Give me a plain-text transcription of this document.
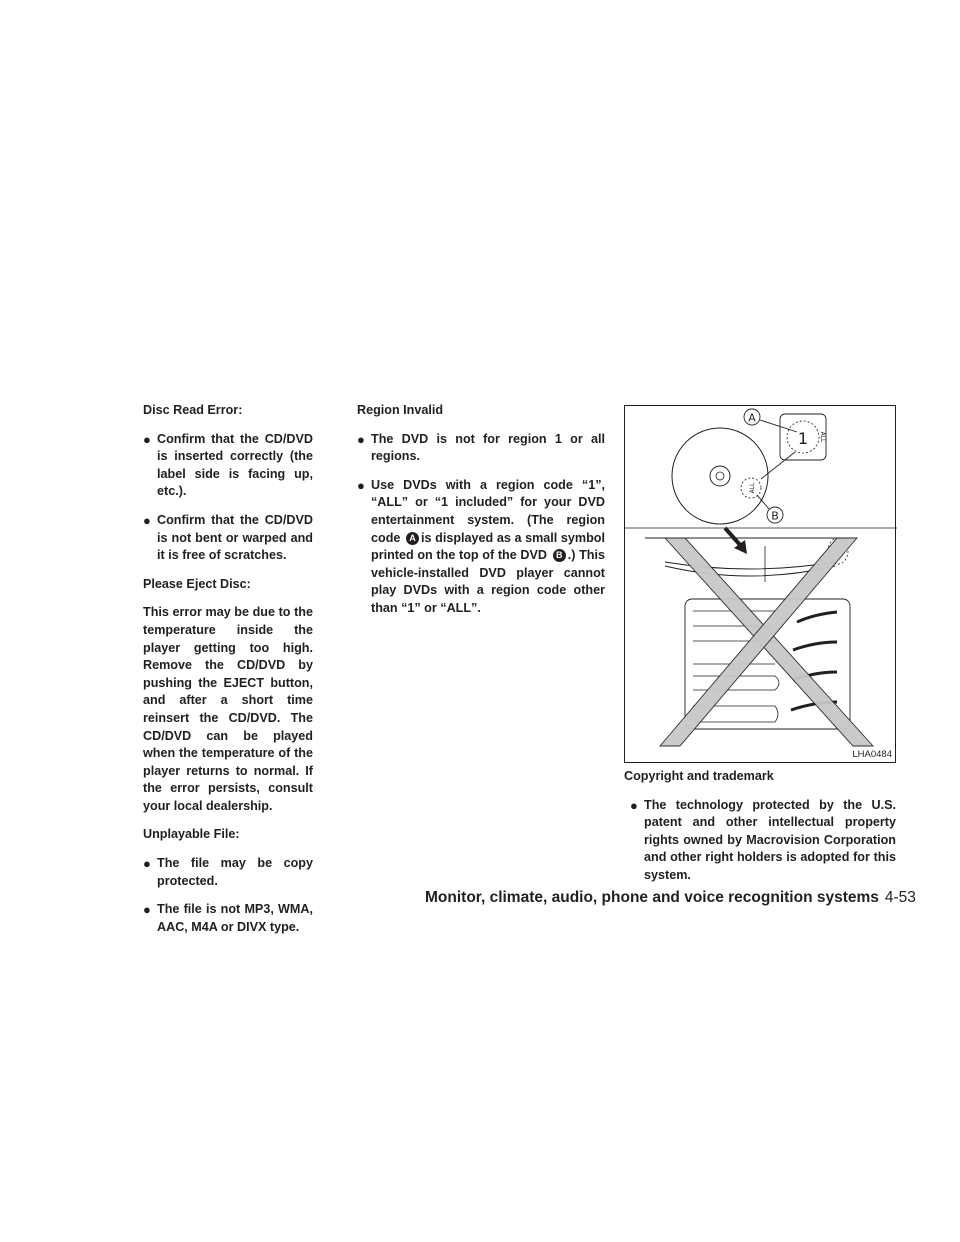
Disc Read Error:

● Confirm that the CD/DVD is inserted correctly (the label side is facing up, etc.).
● Confirm that the CD/DVD is not bent or warped and it is free of scratches.

Please Eject Disc:

This error may be due to the temperature inside the player getting too high. Remove the CD/DVD by pushing the EJECT button, and after a short time reinsert the CD/DVD. The CD/DVD can be played when the temperature of the player returns to normal. If the error persists, consult your local dealership.

Unplayable File:

● The file may be copy protected.
● The file is not MP3, WMA, AAC, M4A or DIVX type.

Region Invalid

● The DVD is not for region 1 or all regions.
● Use DVDs with a region code “1”, “ALL” or “1 included” for your DVD entertainment system. (The region code A is displayed as a small symbol printed on the top of the DVD B .) This vehicle-installed DVD player cannot play DVDs with a region code other than “1” or “ALL”.
ALL
1 ALL
A
B
LHA0484

Copyright and trademark

● The technology protected by the U.S. patent and other intellectual property rights owned by Macrovision Corporation and other right holders is adopted for this system.
Monitor, climate, audio, phone and voice recognition systems 4-53
